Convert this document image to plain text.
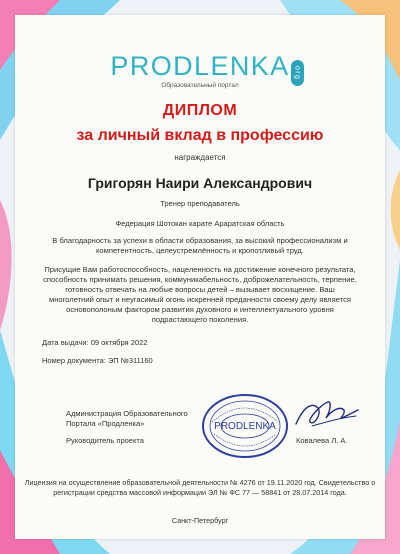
PRODLENKA org
Образовательный портал
ДИПЛОМ
за личный вклад в профессию
награждается
Григорян Наири Александрович
Тренер преподаватель
Федерация Шотокан карате Араратская область
В благодарность за успехи в области образования, за высокий профессионализм и компетентность, целеустремлённость и кропотливый труд.
Присущие Вам работоспособность, нацеленность на достижение конечного результата, способность принимать решения, коммуникабельность, доброжелательность, терпение, готовность отвечать на любые вопросы детей – вызывает восхищение. Ваш многолетний опыт и неугасимый огонь искренней преданности своему делу является основополоным фактором развития духовного и интеллектуального уровня подрастающего поколения.
Дата выдачи: 09 октября 2022
Номер документа: ЭП №311160
Администрация Образовательного Портала «Продленка»
Руководитель проекта
PRODLENKA
Ковалева Л. А.
Лицензия на осуществление образовательной деятельности № 4276 от 19.11.2020 год. Свидетельство о регистрации средства массовой информации ЭЛ № ФС 77 — 58841 от 28.07.2014 года.
Санкт-Петербург
